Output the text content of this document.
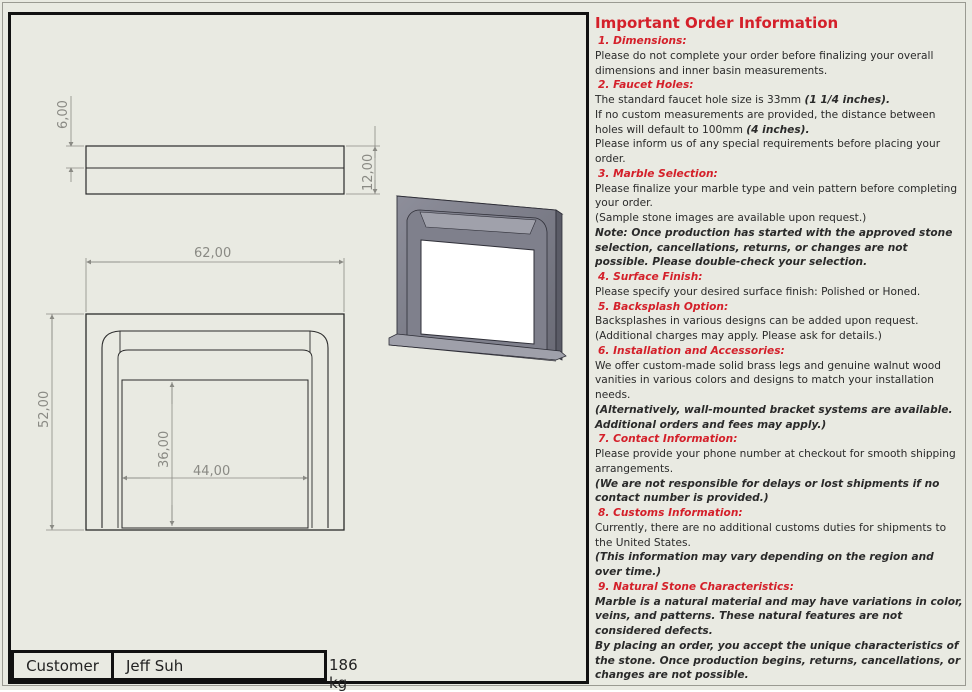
6,00
12,00
62,00
52,00
36,00
44,00
Customer	Jeff Suh	186 kg
Important Order Information
1. Dimensions:
Please do not complete your order before finalizing your overall dimensions and inner basin measurements.
2. Faucet Holes:
The standard faucet hole size is 33mm (1 1/4 inches).
If no custom measurements are provided, the distance between holes will default to 100mm (4 inches).
Please inform us of any special requirements before placing your order.
3. Marble Selection:
Please finalize your marble type and vein pattern before completing your order.
(Sample stone images are available upon request.)
Note: Once production has started with the approved stone selection, cancellations, returns, or changes are not possible. Please double-check your selection.
4. Surface Finish:
Please specify your desired surface finish: Polished or Honed.
5. Backsplash Option:
Backsplashes in various designs can be added upon request.
(Additional charges may apply. Please ask for details.)
6. Installation and Accessories:
We offer custom-made solid brass legs and genuine walnut wood vanities in various colors and designs to match your installation needs.
(Alternatively, wall-mounted bracket systems are available. Additional orders and fees may apply.)
7. Contact Information:
Please provide your phone number at checkout for smooth shipping arrangements.
(We are not responsible for delays or lost shipments if no contact number is provided.)
8. Customs Information:
Currently, there are no additional customs duties for shipments to the United States.
(This information may vary depending on the region and over time.)
9. Natural Stone Characteristics:
Marble is a natural material and may have variations in color, veins, and patterns. These natural features are not considered defects.
By placing an order, you accept the unique characteristics of the stone. Once production begins, returns, cancellations, or changes are not possible.
